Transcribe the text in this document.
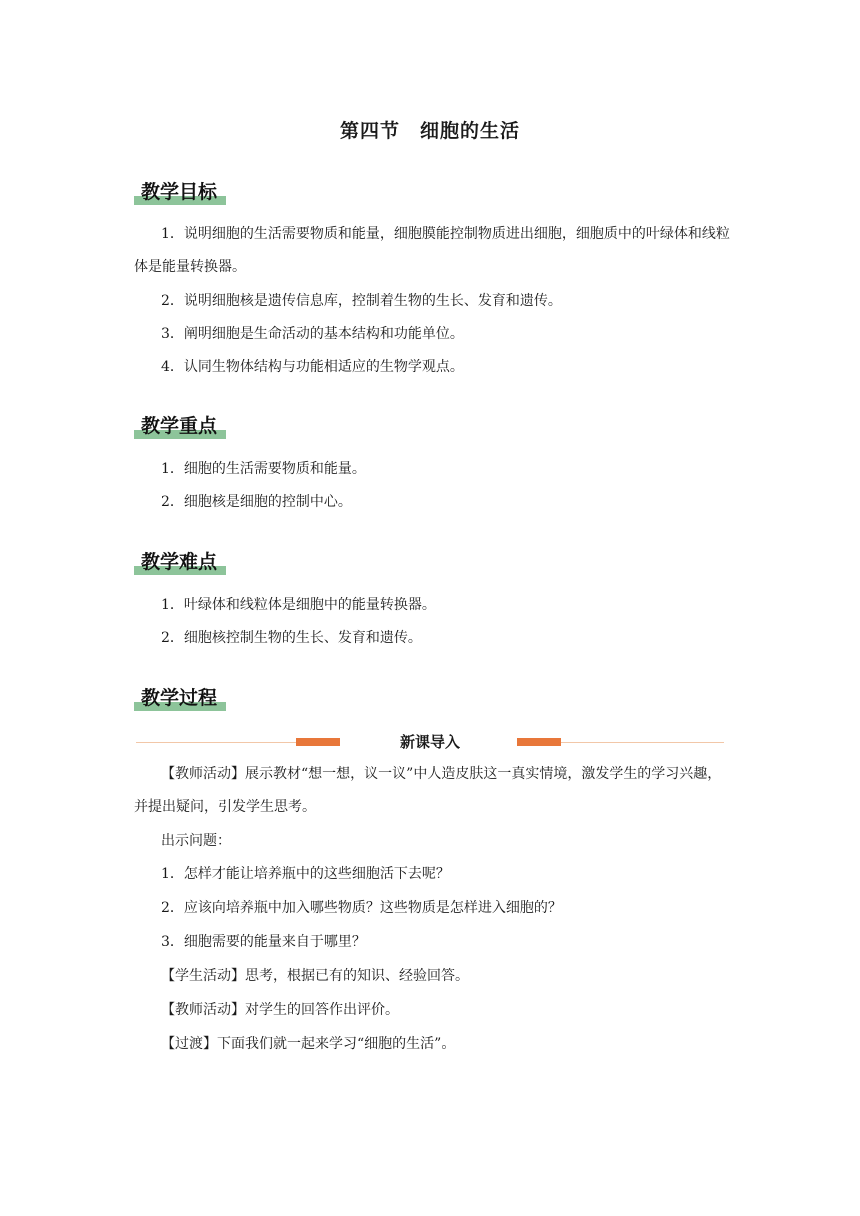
第四节　细胞的生活
教学目标

1．说明细胞的生活需要物质和能量，细胞膜能控制物质进出细胞，细胞质中的叶绿体和线粒体是能量转换器。

2．说明细胞核是遗传信息库，控制着生物的生长、发育和遗传。

3．阐明细胞是生命活动的基本结构和功能单位。

4．认同生物体结构与功能相适应的生物学观点。

教学重点

1．细胞的生活需要物质和能量。

2．细胞核是细胞的控制中心。

教学难点

1．叶绿体和线粒体是细胞中的能量转换器。

2．细胞核控制生物的生长、发育和遗传。

教学过程
新课导入

【教师活动】展示教材“想一想，议一议”中人造皮肤这一真实情境，激发学生的学习兴趣，并提出疑问，引发学生思考。

出示问题：

1．怎样才能让培养瓶中的这些细胞活下去呢？

2．应该向培养瓶中加入哪些物质？这些物质是怎样进入细胞的？

3．细胞需要的能量来自于哪里？

【学生活动】思考，根据已有的知识、经验回答。

【教师活动】对学生的回答作出评价。

【过渡】下面我们就一起来学习“细胞的生活”。
